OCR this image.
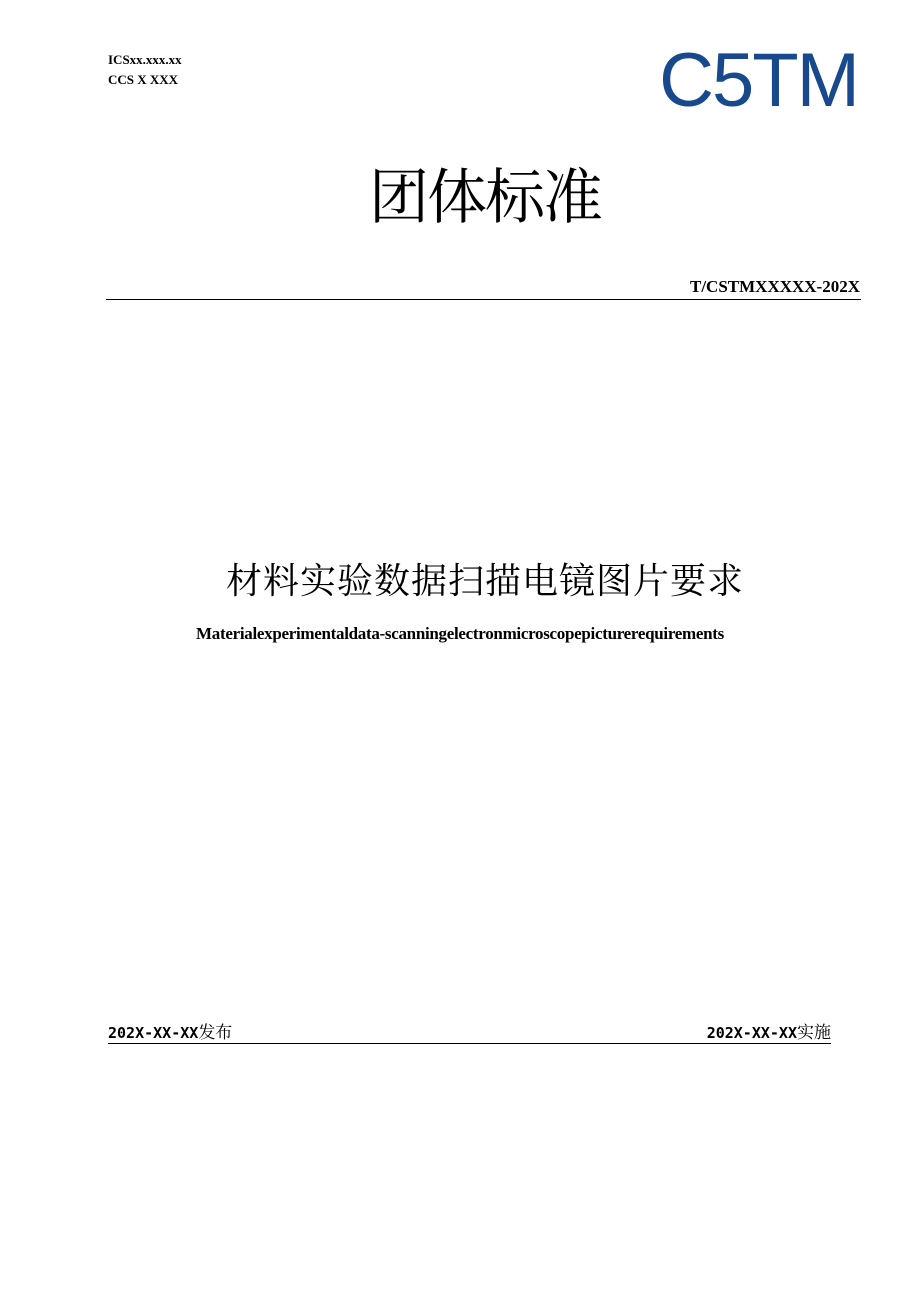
ICSxx.xxx.xx
CCS X XXX	C5TM
团体标准
T/CSTMXXXXX-202X
材料实验数据扫描电镜图片要求
Materialexperimentaldata-scanningelectronmicroscopepicturerequirements
202X-XX-XX发布	202X-XX-XX实施
